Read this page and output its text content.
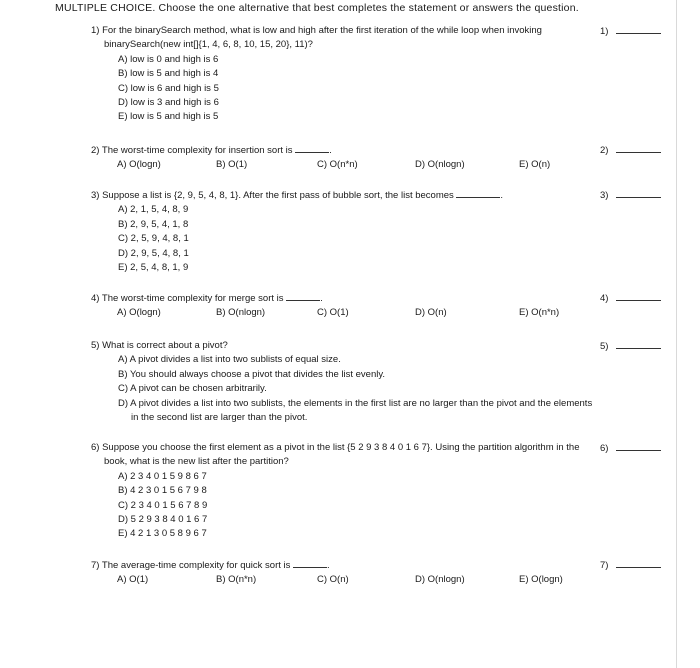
MULTIPLE CHOICE. Choose the one alternative that best completes the statement or answers the question.
1) For the binarySearch method, what is low and high after the first iteration of the while loop when invoking binarySearch(new int[]{1, 4, 6, 8, 10, 15, 20}, 11)?
A) low is 0 and high is 6
B) low is 5 and high is 4
C) low is 6 and high is 5
D) low is 3 and high is 6
E) low is 5 and high is 5
1)
2) The worst-time complexity for insertion sort is	.
A) O(logn)	B) O(1)	C) O(n*n)	D) O(nlogn)	E) O(n)
2)
3) Suppose a list is {2, 9, 5, 4, 8, 1}. After the first pass of bubble sort, the list becomes	.
A) 2, 1, 5, 4, 8, 9
B) 2, 9, 5, 4, 1, 8
C) 2, 5, 9, 4, 8, 1
D) 2, 9, 5, 4, 8, 1
E) 2, 5, 4, 8, 1, 9
3)
4) The worst-time complexity for merge sort is	.
A) O(logn)	B) O(nlogn)	C) O(1)	D) O(n)	E) O(n*n)
4)
5) What is correct about a pivot?
A) A pivot divides a list into two sublists of equal size.
B) You should always choose a pivot that divides the list evenly.
C) A pivot can be chosen arbitrarily.
D) A pivot divides a list into two sublists, the elements in the first list are no larger than the pivot and the elements in the second list are larger than the pivot.
5)
6) Suppose you choose the first element as a pivot in the list {5 2 9 3 8 4 0 1 6 7}. Using the partition algorithm in the book, what is the new list after the partition?
A) 2 3 4 0 1 5 9 8 6 7
B) 4 2 3 0 1 5 6 7 9 8
C) 2 3 4 0 1 5 6 7 8 9
D) 5 2 9 3 8 4 0 1 6 7
E) 4 2 1 3 0 5 8 9 6 7
6)
7) The average-time complexity for quick sort is	.
A) O(1)	B) O(n*n)	C) O(n)	D) O(nlogn)	E) O(logn)
7)
